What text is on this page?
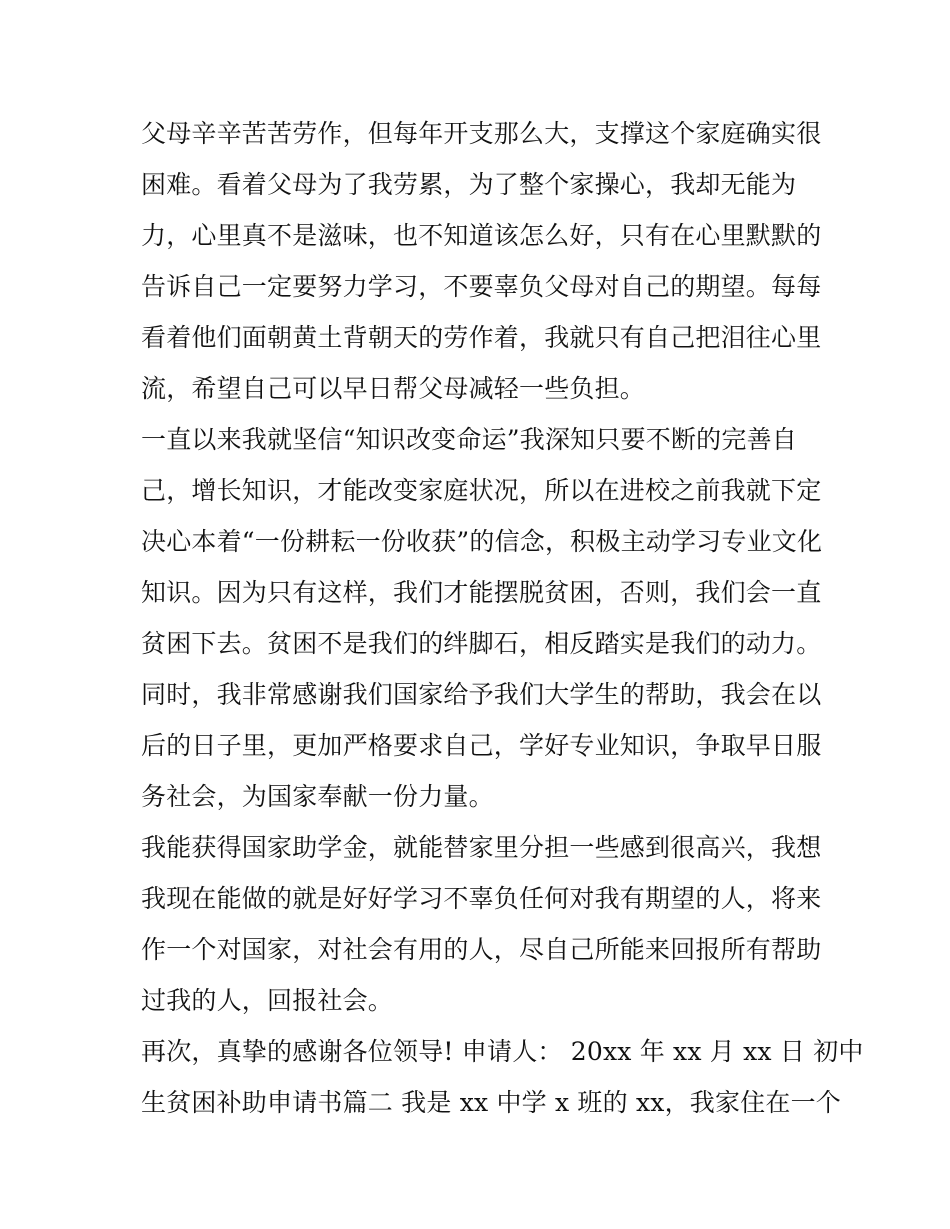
父母辛辛苦苦劳作，但每年开支那么大，支撑这个家庭确实很
困难。看着父母为了我劳累，为了整个家操心，我却无能为
力，心里真不是滋味，也不知道该怎么好，只有在心里默默的
告诉自己一定要努力学习，不要辜负父母对自己的期望。每每
看着他们面朝黄土背朝天的劳作着，我就只有自己把泪往心里
流，希望自己可以早日帮父母减轻一些负担。
一直以来我就坚信“知识改变命运”我深知只要不断的完善自
己，增长知识，才能改变家庭状况，所以在进校之前我就下定
决心本着“一份耕耘一份收获”的信念，积极主动学习专业文化
知识。因为只有这样，我们才能摆脱贫困，否则，我们会一直
贫困下去。贫困不是我们的绊脚石，相反踏实是我们的动力。
同时，我非常感谢我们国家给予我们大学生的帮助，我会在以
后的日子里，更加严格要求自己，学好专业知识，争取早日服
务社会，为国家奉献一份力量。
我能获得国家助学金，就能替家里分担一些感到很高兴，我想
我现在能做的就是好好学习不辜负任何对我有期望的人，将来
作一个对国家，对社会有用的人，尽自己所能来回报所有帮助
过我的人，回报社会。
再次，真挚的感谢各位领导! 申请人： 20xx 年 xx 月 xx 日 初中
生贫困补助申请书篇二 我是 xx 中学 x 班的 xx，我家住在一个
